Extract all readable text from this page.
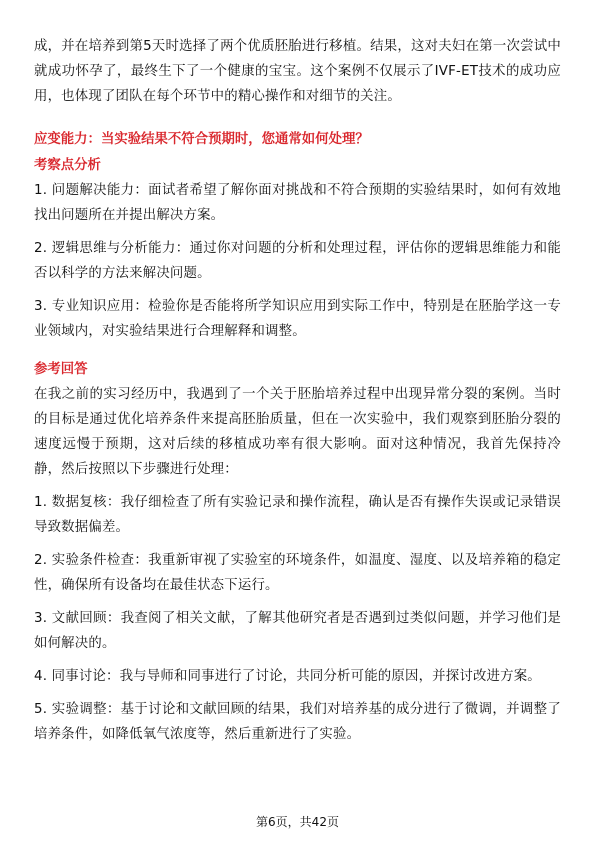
成，并在培养到第5天时选择了两个优质胚胎进行移植。结果，这对夫妇在第一次尝试中就成功怀孕了，最终生下了一个健康的宝宝。这个案例不仅展示了IVF-ET技术的成功应用，也体现了团队在每个环节中的精心操作和对细节的关注。

应变能力：当实验结果不符合预期时，您通常如何处理？
考察点分析

1. 问题解决能力：面试者希望了解你面对挑战和不符合预期的实验结果时，如何有效地找出问题所在并提出解决方案。

2. 逻辑思维与分析能力：通过你对问题的分析和处理过程，评估你的逻辑思维能力和能否以科学的方法来解决问题。

3. 专业知识应用：检验你是否能将所学知识应用到实际工作中，特别是在胚胎学这一专业领域内，对实验结果进行合理解释和调整。

参考回答

在我之前的实习经历中，我遇到了一个关于胚胎培养过程中出现异常分裂的案例。当时的目标是通过优化培养条件来提高胚胎质量，但在一次实验中，我们观察到胚胎分裂的速度远慢于预期，这对后续的移植成功率有很大影响。面对这种情况，我首先保持冷静，然后按照以下步骤进行处理：

1. 数据复核：我仔细检查了所有实验记录和操作流程，确认是否有操作失误或记录错误导致数据偏差。

2. 实验条件检查：我重新审视了实验室的环境条件，如温度、湿度、以及培养箱的稳定性，确保所有设备均在最佳状态下运行。

3. 文献回顾：我查阅了相关文献，了解其他研究者是否遇到过类似问题，并学习他们是如何解决的。

4. 同事讨论：我与导师和同事进行了讨论，共同分析可能的原因，并探讨改进方案。

5. 实验调整：基于讨论和文献回顾的结果，我们对培养基的成分进行了微调，并调整了培养条件，如降低氧气浓度等，然后重新进行了实验。

第6页，共42页
